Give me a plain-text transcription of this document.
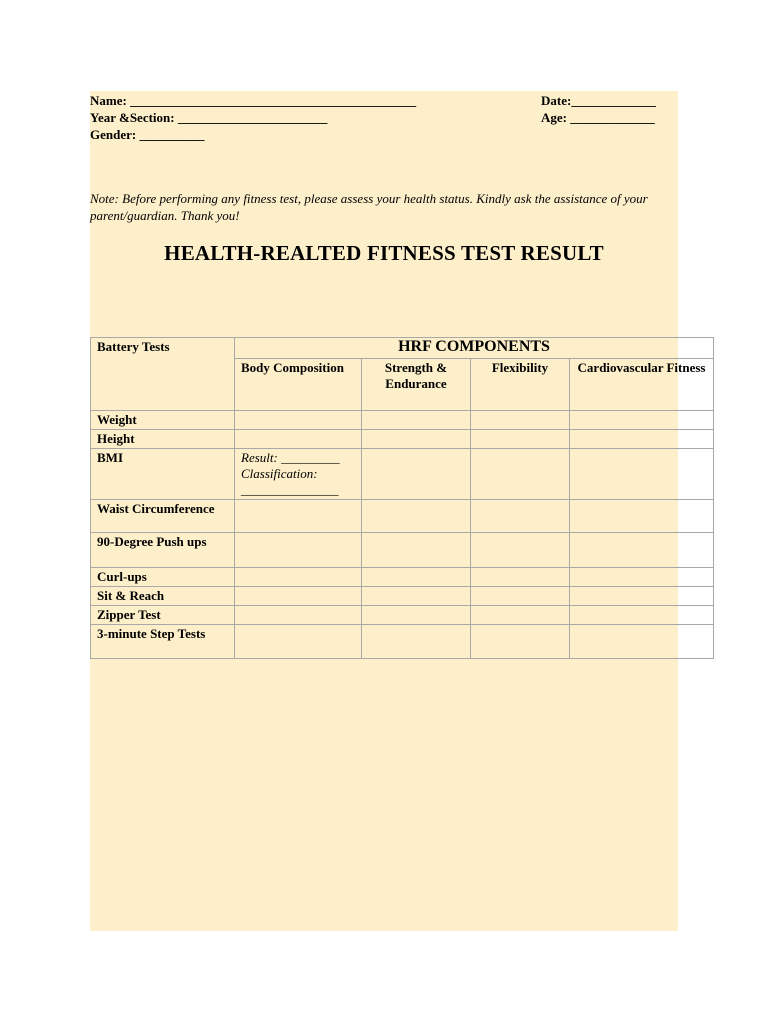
Name: ____________________________________________
Year &Section: _______________________
Gender: __________
Date:_____________
Age: _____________
Note: Before performing any fitness test, please assess your health status. Kindly ask the assistance of your parent/guardian. Thank you!
HEALTH-REALTED FITNESS TEST RESULT
Battery Tests	HRF COMPONENTS			
	Body Composition	Strength & Endurance	Flexibility	Cardiovascular Fitness
Weight				
Height				
BMI	Result: _________
Classification:
_______________			

Waist Circumference				
90-Degree Push ups				
Curl-ups				
Sit & Reach				
Zipper Test				
3-minute Step Tests				
